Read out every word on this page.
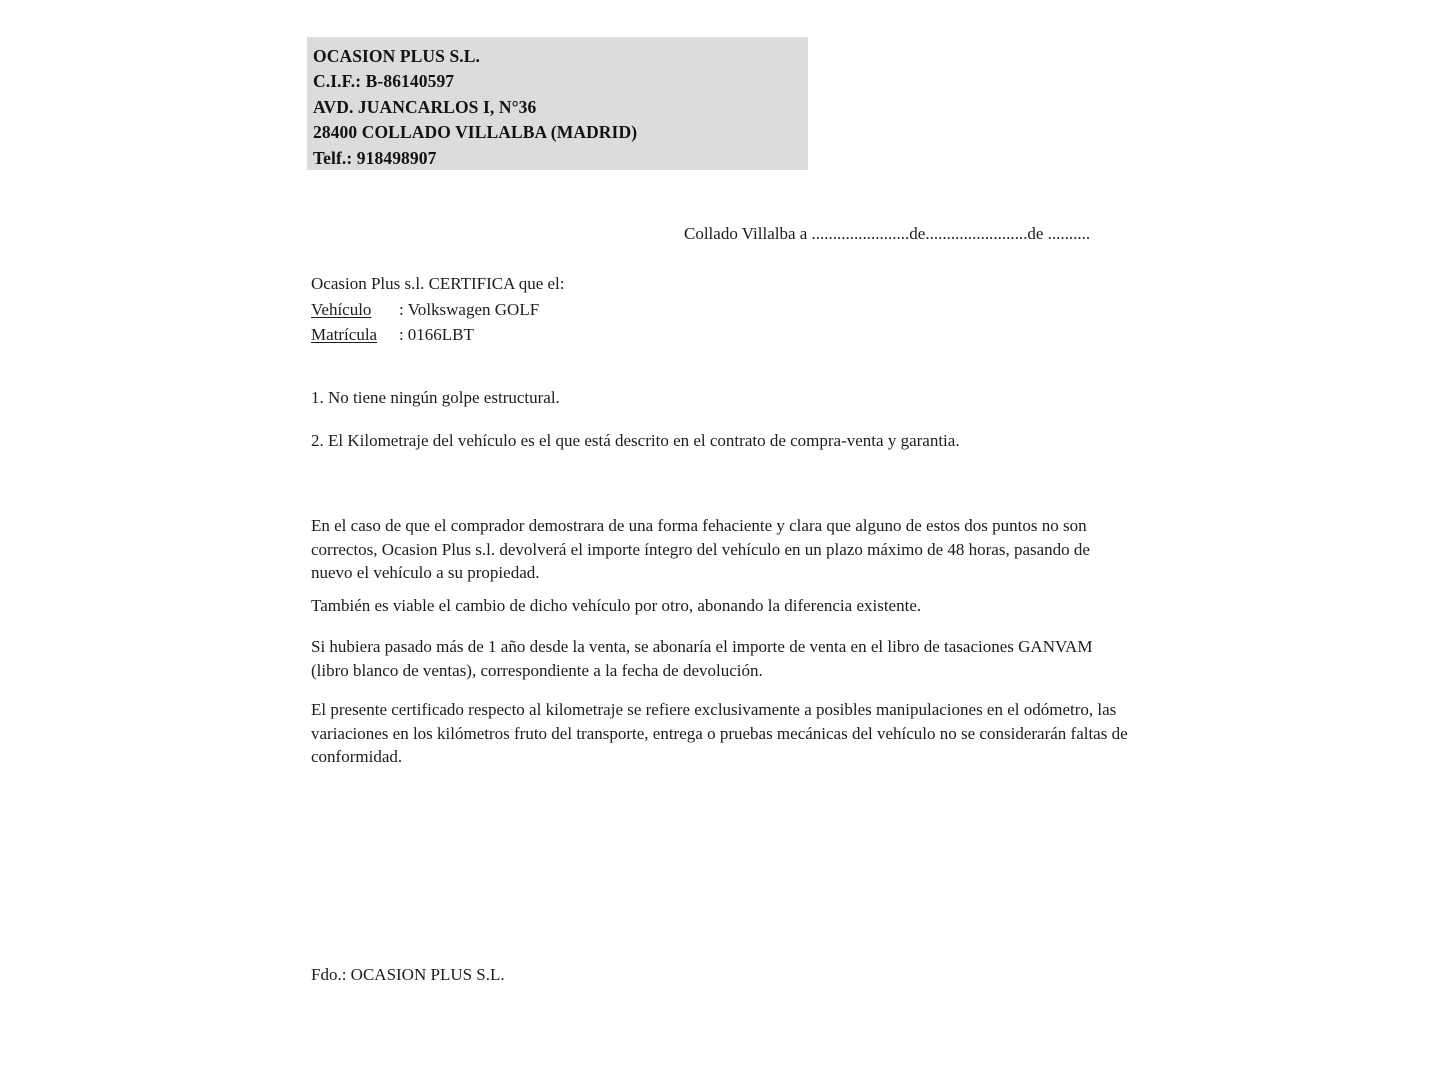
OCASION PLUS S.L.
C.I.F.: B-86140597
AVD. JUANCARLOS I, N°36
28400 COLLADO VILLALBA (MADRID)
Telf.: 918498907
Collado Villalba a .......................de........................de ..........
Ocasion Plus s.l. CERTIFICA que el:
Vehículo : Volkswagen GOLF
Matrícula : 0166LBT
1. No tiene ningún golpe estructural.
2. El Kilometraje del vehículo es el que está descrito en el contrato de compra-venta y garantia.
En el caso de que el comprador demostrara de una forma fehaciente y clara que alguno de estos dos puntos no son correctos, Ocasion Plus s.l. devolverá el importe íntegro del vehículo en un plazo máximo de 48 horas, pasando de nuevo el vehículo a su propiedad.
También es viable el cambio de dicho vehículo por otro, abonando la diferencia existente.
Si hubiera pasado más de 1 año desde la venta, se abonaría el importe de venta en el libro de tasaciones GANVAM (libro blanco de ventas), correspondiente a la fecha de devolución.
El presente certificado respecto al kilometraje se refiere exclusivamente a posibles manipulaciones en el odómetro, las variaciones en los kilómetros fruto del transporte, entrega o pruebas mecánicas del vehículo no se considerarán faltas de conformidad.
Fdo.: OCASION PLUS S.L.
